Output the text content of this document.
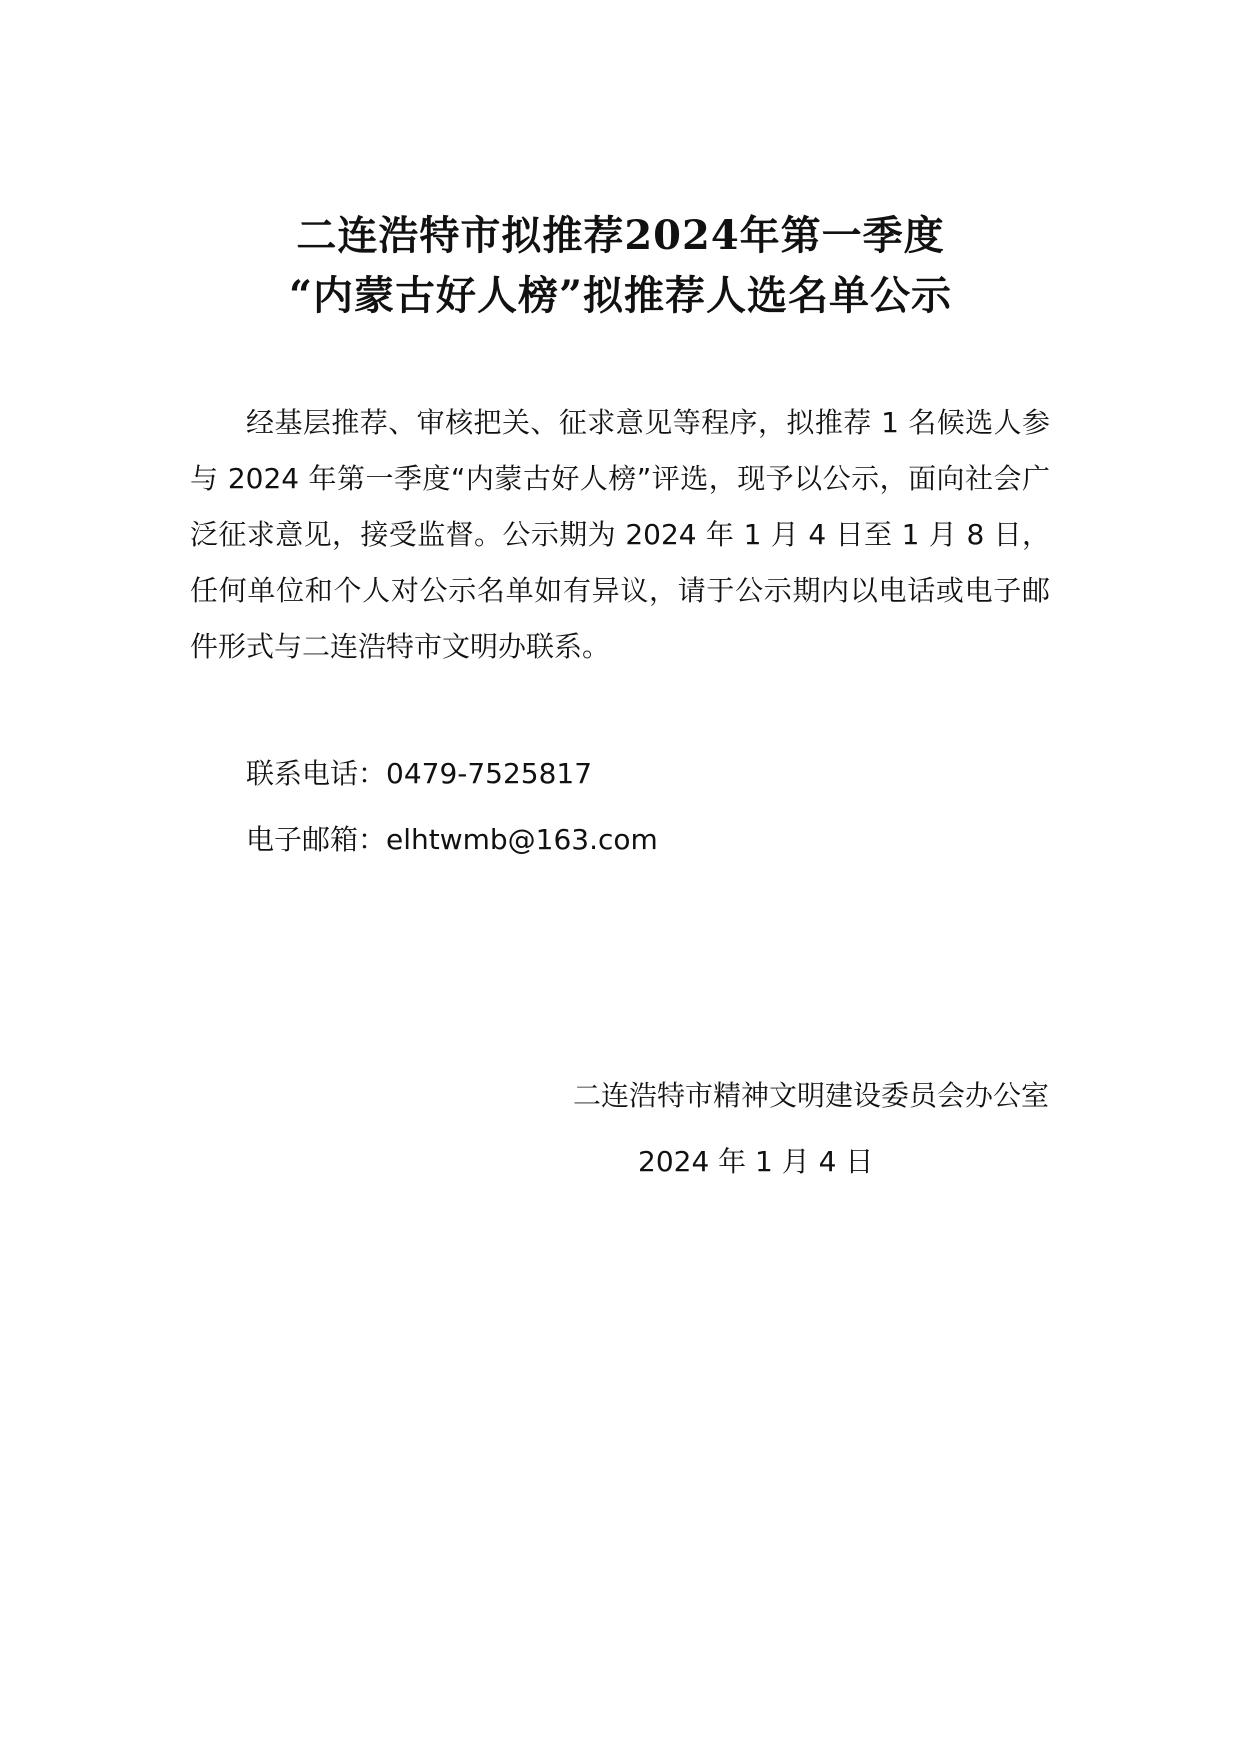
二连浩特市拟推荐2024年第一季度
“内蒙古好人榜”拟推荐人选名单公示

经基层推荐、审核把关、征求意见等程序，拟推荐 1 名候选人参与 2024 年第一季度“内蒙古好人榜”评选，现予以公示，面向社会广泛征求意见，接受监督。公示期为 2024 年 1 月 4 日至 1 月 8 日，任何单位和个人对公示名单如有异议，请于公示期内以电话或电子邮件形式与二连浩特市文明办联系。

联系电话：0479-7525817
电子邮箱：elhtwmb@163.com
二连浩特市精神文明建设委员会办公室
2024 年 1 月 4 日
